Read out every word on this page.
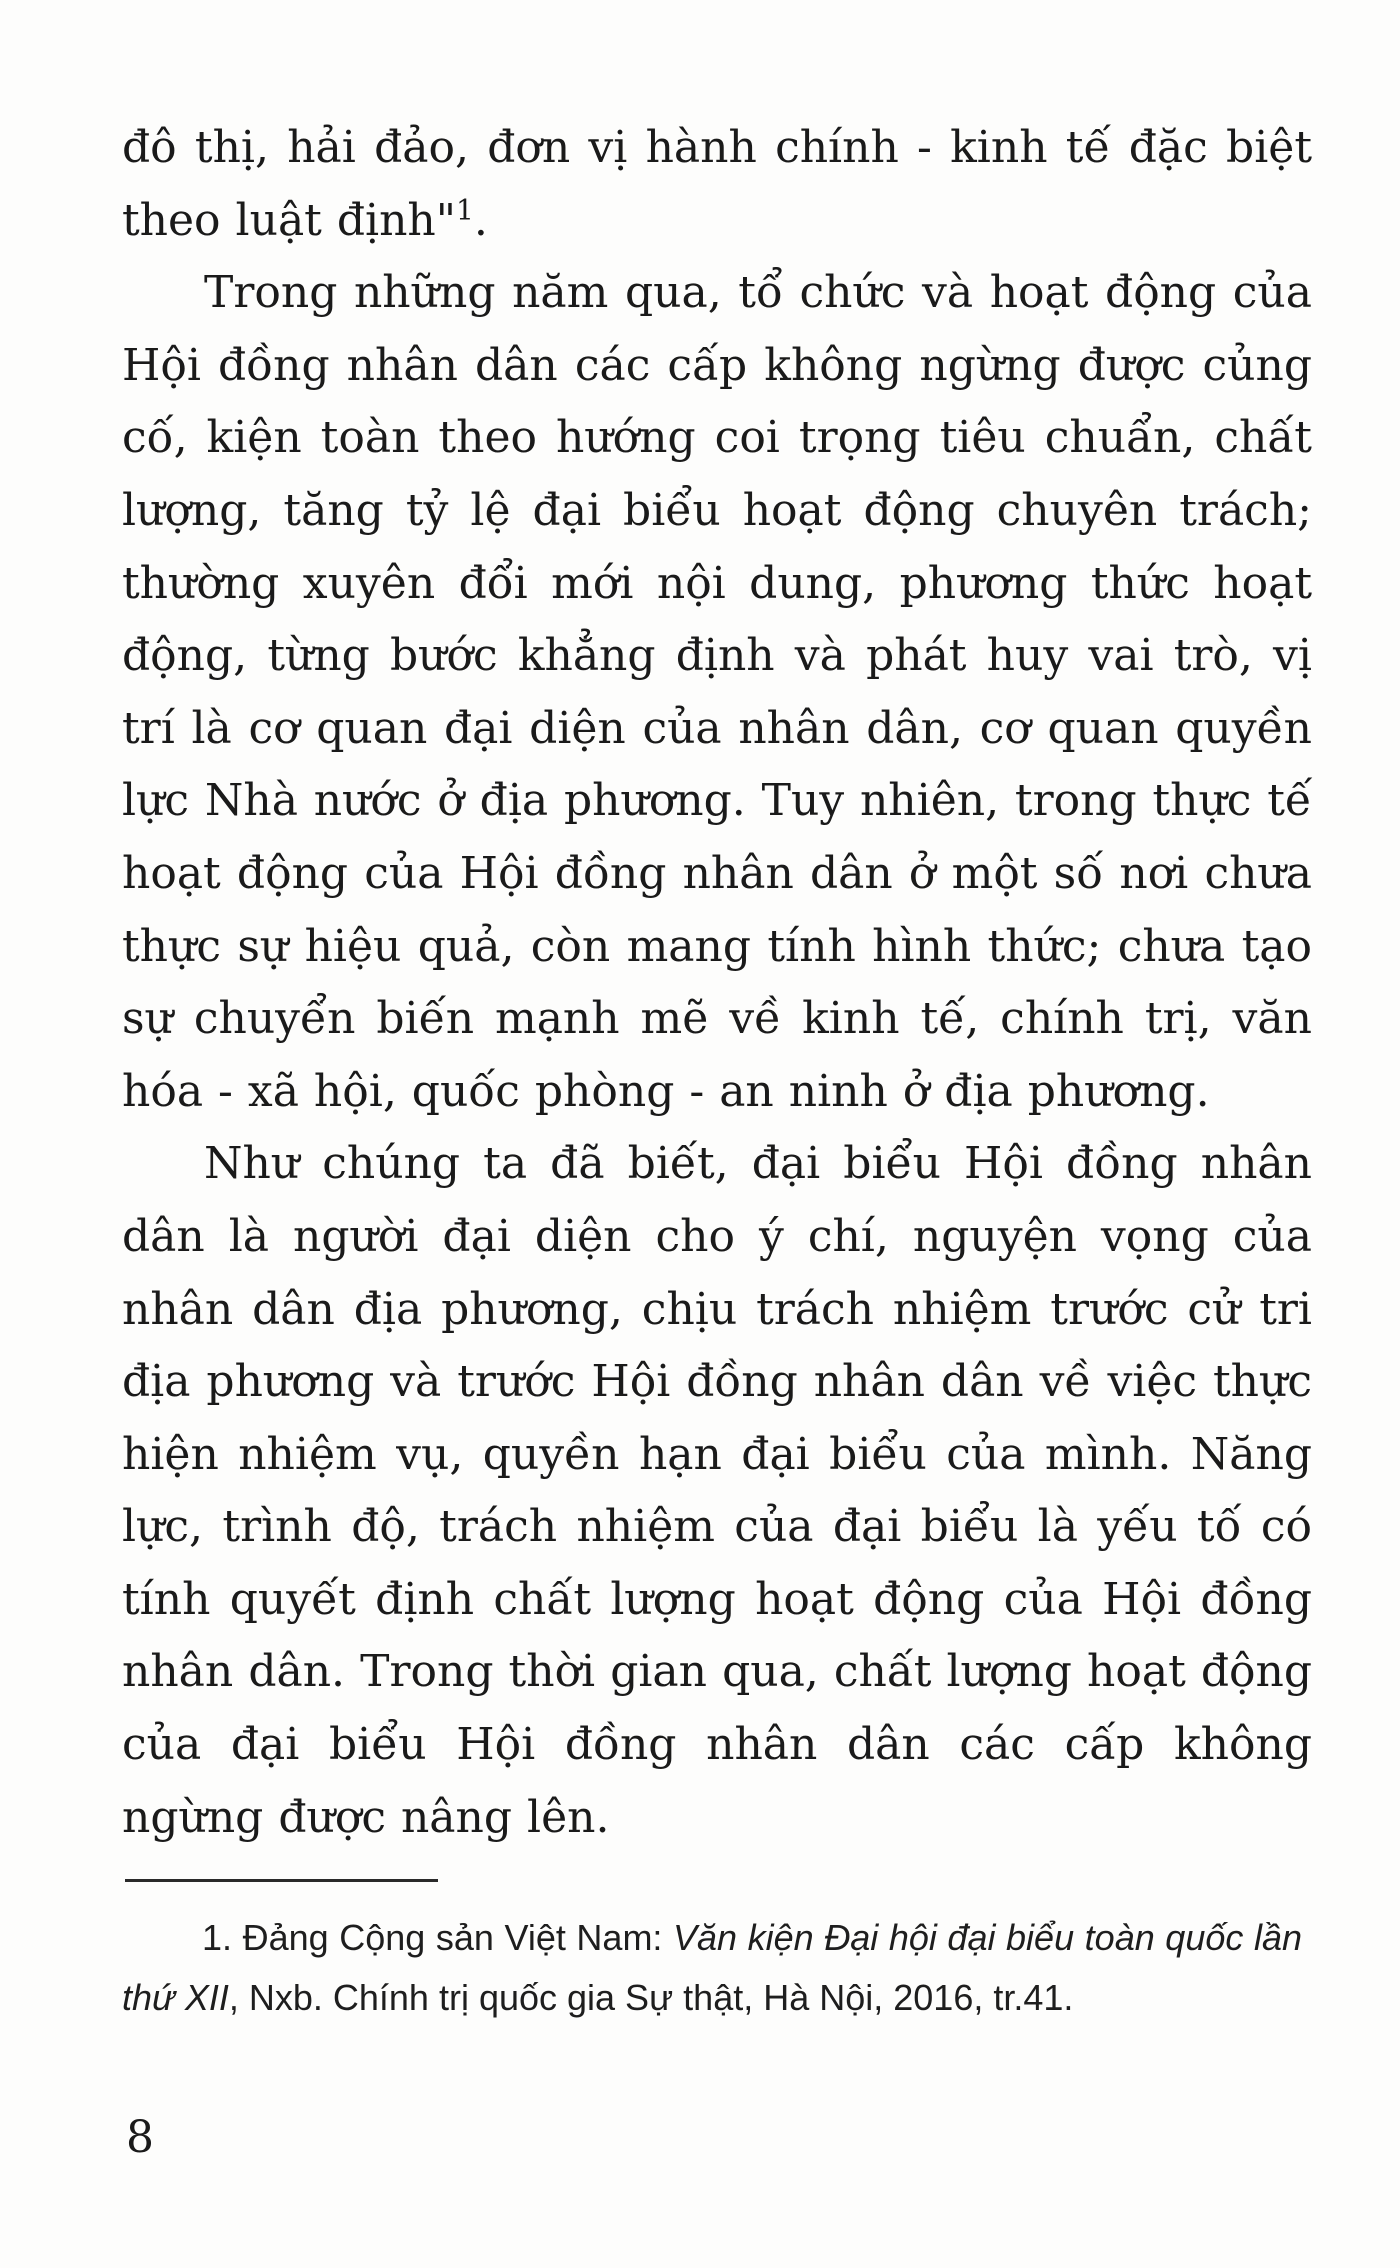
đô thị, hải đảo, đơn vị hành chính - kinh tế đặc biệt theo luật định"$^1$.

Trong những năm qua, tổ chức và hoạt động của Hội đồng nhân dân các cấp không ngừng được củng cố, kiện toàn theo hướng coi trọng tiêu chuẩn, chất lượng, tăng tỷ lệ đại biểu hoạt động chuyên trách; thường xuyên đổi mới nội dung, phương thức hoạt động, từng bước khẳng định và phát huy vai trò, vị trí là cơ quan đại diện của nhân dân, cơ quan quyền lực Nhà nước ở địa phương. Tuy nhiên, trong thực tế hoạt động của Hội đồng nhân dân ở một số nơi chưa thực sự hiệu quả, còn mang tính hình thức; chưa tạo sự chuyển biến mạnh mẽ về kinh tế, chính trị, văn hóa - xã hội, quốc phòng - an ninh ở địa phương.

Như chúng ta đã biết, đại biểu Hội đồng nhân dân là người đại diện cho ý chí, nguyện vọng của nhân dân địa phương, chịu trách nhiệm trước cử tri địa phương và trước Hội đồng nhân dân về việc thực hiện nhiệm vụ, quyền hạn đại biểu của mình. Năng lực, trình độ, trách nhiệm của đại biểu là yếu tố có tính quyết định chất lượng hoạt động của Hội đồng nhân dân. Trong thời gian qua, chất lượng hoạt động của đại biểu Hội đồng nhân dân các cấp không ngừng được nâng lên.

1. Đảng Cộng sản Việt Nam: Văn kiện Đại hội đại biểu toàn quốc lần thứ XII, Nxb. Chính trị quốc gia Sự thật, Hà Nội, 2016, tr.41.
8
